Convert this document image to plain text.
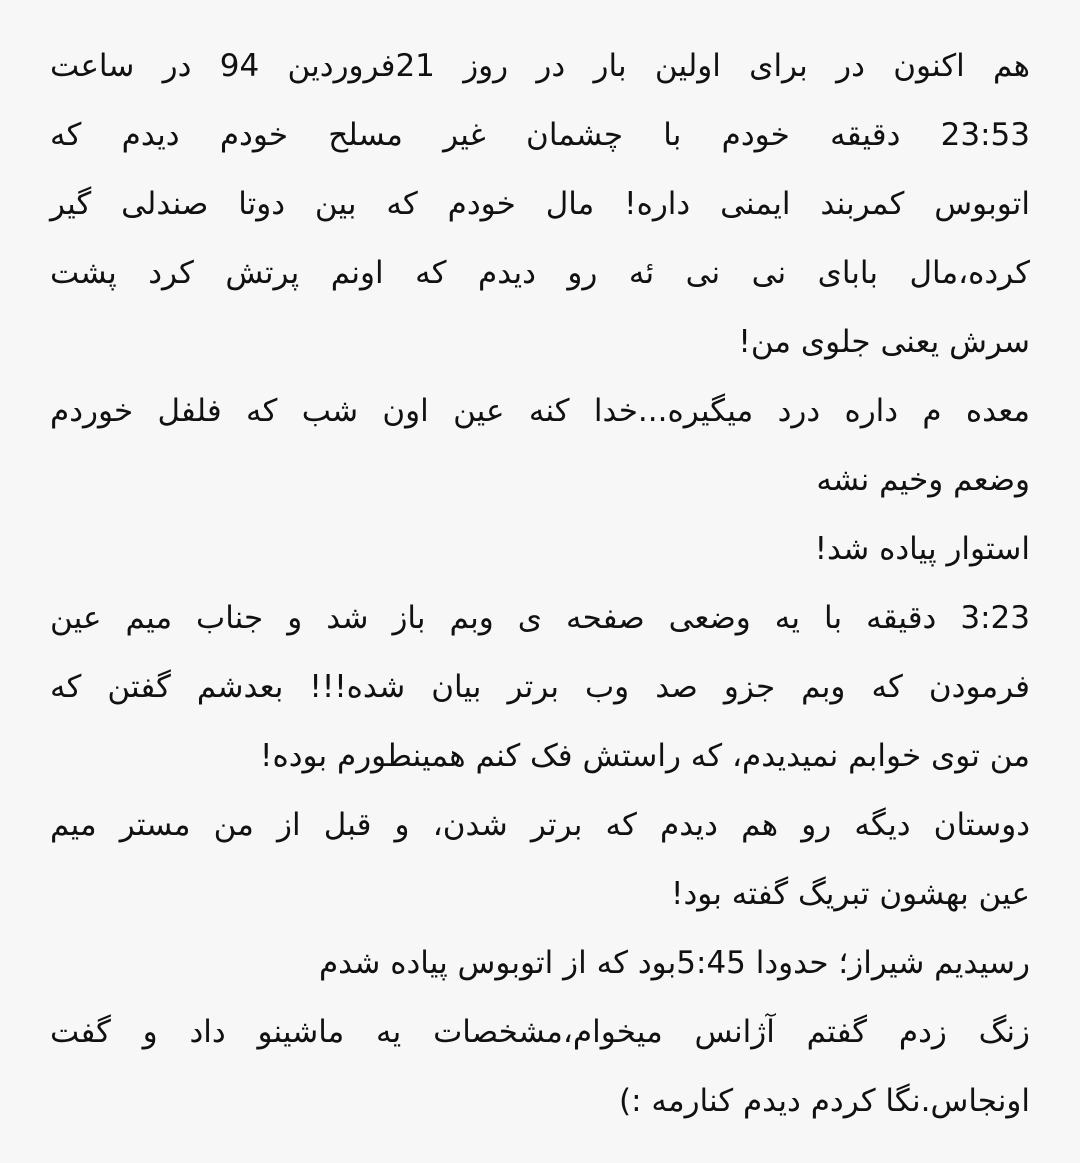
هم اکنون در برای اولین بار در روز 21فروردین 94 در ساعت
23:53 دقیقه خودم با چشمان غیر مسلح خودم دیدم که
اتوبوس کمربند ایمنی داره! مال خودم که بین دوتا صندلی گیر
کرده،مال بابای نی نی ئه رو دیدم که اونم پرتش کرد پشت
سرش یعنی جلوی من!
معده م داره درد میگیره...خدا کنه عین اون شب که فلفل خوردم
وضعم وخیم نشه
استوار پیاده شد!
3:23 دقیقه با یه وضعی صفحه ی وبم باز شد و جناب میم عین
فرمودن که وبم جزو صد وب برتر بیان شده!!! بعدشم گفتن که
من توی خوابم نمیدیدم، که راستش فک کنم همینطورم بوده!
دوستان دیگه رو هم دیدم که برتر شدن، و قبل از من مستر میم
عین بهشون تبریگ گفته بود!
رسیدیم شیراز؛ حدودا 5:45بود که از اتوبوس پیاده شدم
زنگ زدم گفتم آژانس میخوام،مشخصات یه ماشینو داد و گفت
اونجاس.نگا کردم دیدم کنارمه :)
